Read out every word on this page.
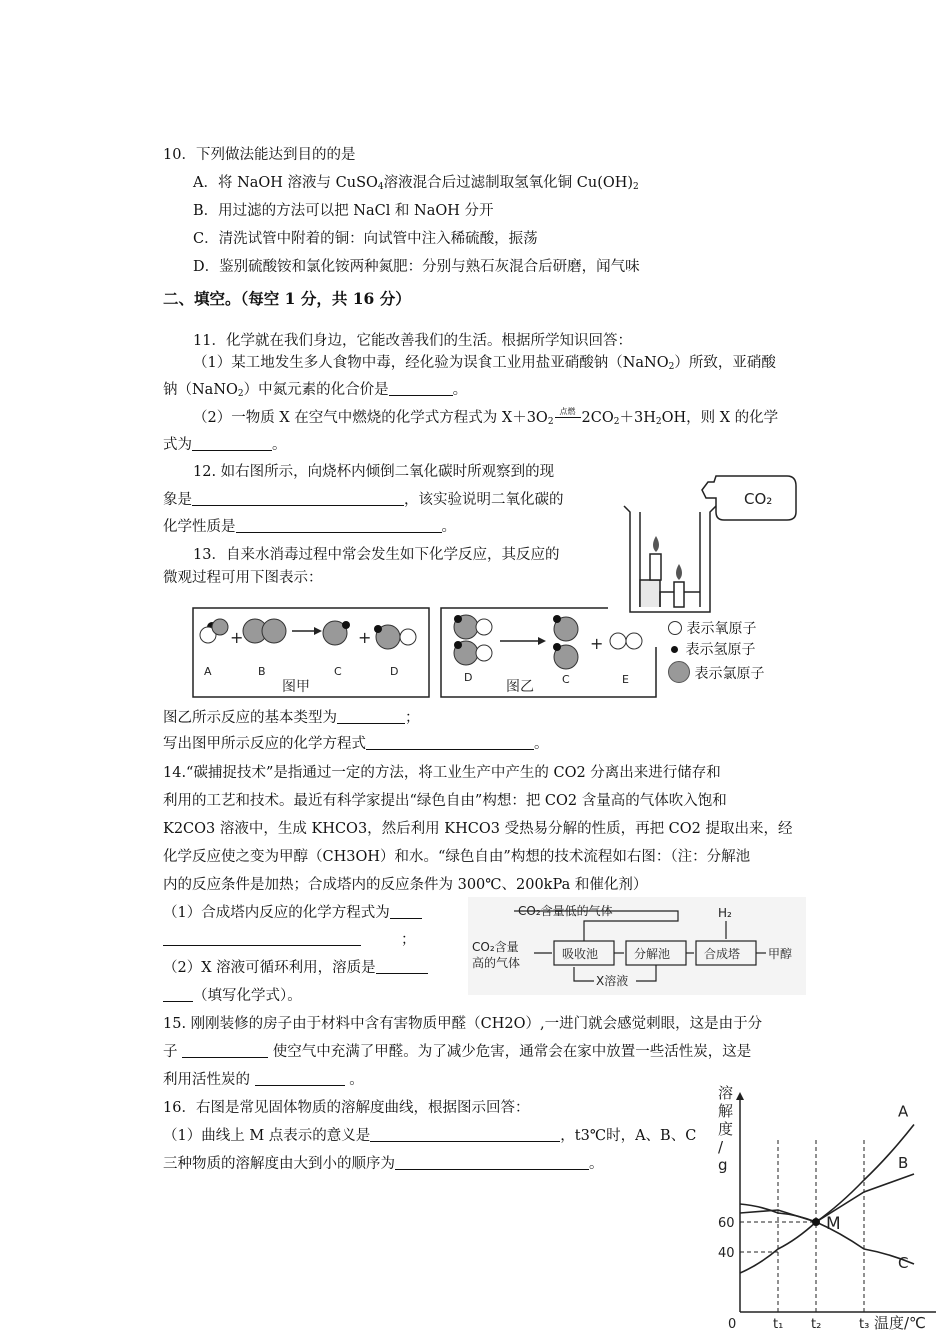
10．下列做法能达到目的的是
A．将 NaOH 溶液与 CuSO$_4$溶液混合后过滤制取氢氧化铜 $Cu(OH)_2$
B．用过滤的方法可以把 NaCl 和 NaOH 分开
C．清洗试管中附着的铜：向试管中注入稀硫酸，振荡
D．鉴别硫酸铵和氯化铵两种氮肥：分别与熟石灰混合后研磨，闻气味
二、填空。（每空 1 分，共 16 分）
11．化学就在我们身边，它能改善我们的生活。根据所学知识回答：
（1）某工地发生多人食物中毒，经化验为误食工业用盐亚硝酸钠（NaNO$_2$）所致，亚硝酸
钠（NaNO$_2$）中氮元素的化合价是	。
（2）一物质 X 在空气中燃烧的化学式方程式为 $X+3O_2$
点燃 $2CO_2+3H_2OH$，则 X 的化学
式为	。
12. 如右图所示，向烧杯内倾倒二氧化碳时所观察到的现
象是	，该实验说明二氧化碳的
化学性质是	。
CO₂
13．自来水消毒过程中常会发生如下化学反应，其反应的
微观过程可用下图表示：
+	+
A	B	C	D
图甲
+
D	C	E
图乙
表示氧原子
表示氢原子
表示氯原子
图乙所示反应的基本类型为	；
写出图甲所示反应的化学方程式	。
14.“碳捕捉技术”是指通过一定的方法，将工业生产中产生的 CO2 分离出来进行储存和
利用的工艺和技术。最近有科学家提出“绿色自由”构想：把 CO2 含量高的气体吹入饱和
K2CO3 溶液中，生成 KHCO3，然后利用 KHCO3 受热易分解的性质，再把 CO2 提取出来，经
化学反应使之变为甲醇（CH3OH）和水。“绿色自由”构想的技术流程如右图：（注：分解池
内的反应条件是加热；合成塔内的反应条件为 300℃、200kPa 和催化剂）
（1）合成塔内反应的化学方程式为
；
（2）X 溶液可循环利用，溶质是
（填写化学式）。
CO₂含量低的气体	H₂
CO₂含量
高的气体
吸收池	分解池	合成塔 甲醇
X溶液
15. 刚刚装修的房子由于材料中含有害物质甲醛（CH2O）,一进门就会感觉刺眼，这是由于分
子	使空气中充满了甲醛。为了减少危害，通常会在家中放置一些活性炭，这是
利用活性炭的	。
16．右图是常见固体物质的溶解度曲线，根据图示回答：
（1）曲线上 M 点表示的意义是	，t3℃时，A、B、C
三种物质的溶解度由大到小的顺序为	。
温度/℃
溶
解
度
/
g
0	t₁ t₂	t₃
40
60
A
B
C
M
